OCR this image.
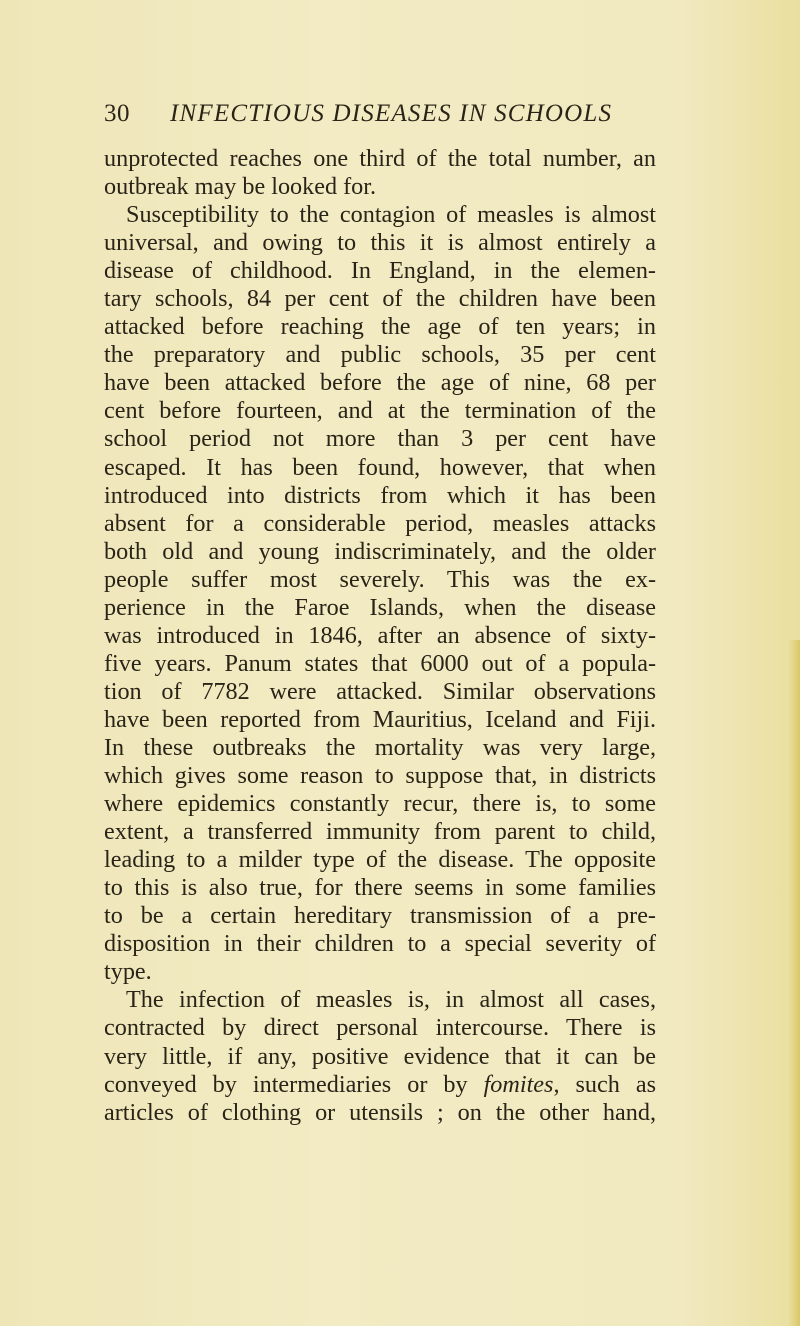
30 INFECTIOUS DISEASES IN SCHOOLS
unprotected reaches one third of the total number, an
outbreak may be looked for.
Susceptibility to the contagion of measles is almost
universal, and owing to this it is almost entirely a
disease of childhood. In England, in the elemen-
tary schools, 84 per cent of the children have been
attacked before reaching the age of ten years; in
the preparatory and public schools, 35 per cent
have been attacked before the age of nine, 68 per
cent before fourteen, and at the termination of the
school period not more than 3 per cent have
escaped. It has been found, however, that when
introduced into districts from which it has been
absent for a considerable period, measles attacks
both old and young indiscriminately, and the older
people suffer most severely. This was the ex-
perience in the Faroe Islands, when the disease
was introduced in 1846, after an absence of sixty-
five years. Panum states that 6000 out of a popula-
tion of 7782 were attacked. Similar observations
have been reported from Mauritius, Iceland and Fiji.
In these outbreaks the mortality was very large,
which gives some reason to suppose that, in districts
where epidemics constantly recur, there is, to some
extent, a transferred immunity from parent to child,
leading to a milder type of the disease. The opposite
to this is also true, for there seems in some families
to be a certain hereditary transmission of a pre-
disposition in their children to a special severity of
type.
The infection of measles is, in almost all cases,
contracted by direct personal intercourse. There is
very little, if any, positive evidence that it can be
conveyed by intermediaries or by fomites, such as
articles of clothing or utensils ; on the other hand,
